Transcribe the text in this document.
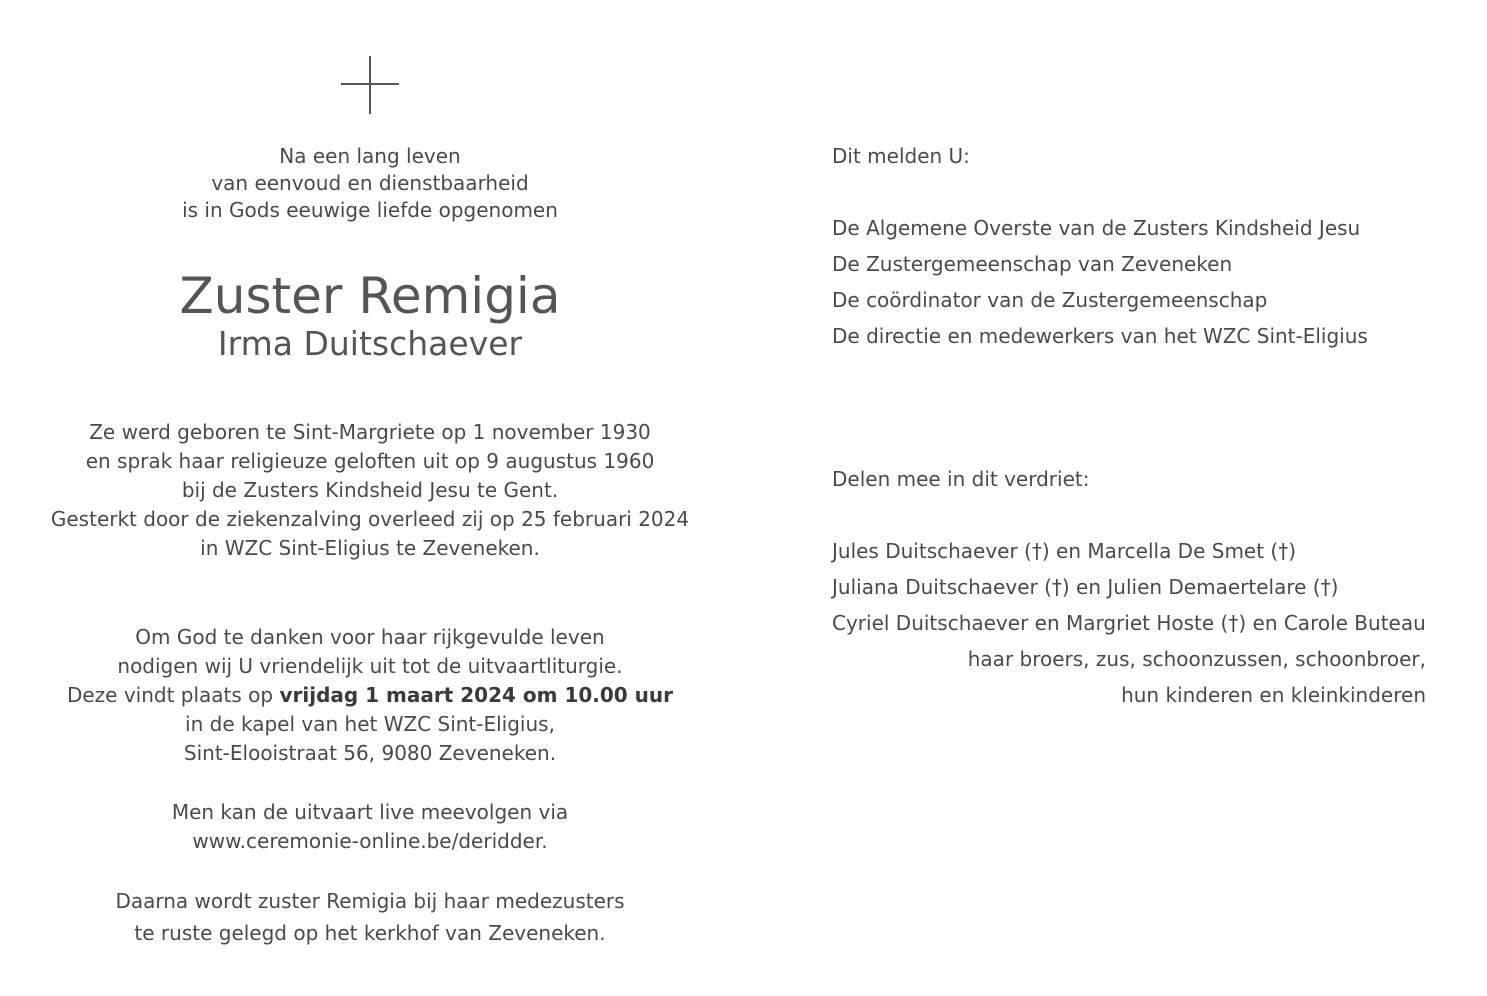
Na een lang leven
van eenvoud en dienstbaarheid
is in Gods eeuwige liefde opgenomen
Zuster Remigia
Irma Duitschaever
Ze werd geboren te Sint-Margriete op 1 november 1930
en sprak haar religieuze geloften uit op 9 augustus 1960
bij de Zusters Kindsheid Jesu te Gent.
Gesterkt door de ziekenzalving overleed zij op 25 februari 2024
in WZC Sint-Eligius te Zeveneken.
Om God te danken voor haar rijkgevulde leven
nodigen wij U vriendelijk uit tot de uitvaartliturgie.
Deze vindt plaats op vrijdag 1 maart 2024 om 10.00 uur
in de kapel van het WZC Sint-Eligius,
Sint-Elooistraat 56, 9080 Zeveneken.
Men kan de uitvaart live meevolgen via
www.ceremonie-online.be/deridder.
Daarna wordt zuster Remigia bij haar medezusters
te ruste gelegd op het kerkhof van Zeveneken.
Dit melden U:
De Algemene Overste van de Zusters Kindsheid Jesu
De Zustergemeenschap van Zeveneken
De coördinator van de Zustergemeenschap
De directie en medewerkers van het WZC Sint-Eligius
Delen mee in dit verdriet:
Jules Duitschaever (†) en Marcella De Smet (†)
Juliana Duitschaever (†) en Julien Demaertelare (†)
Cyriel Duitschaever en Margriet Hoste (†) en Carole Buteau
haar broers, zus, schoonzussen, schoonbroer,
hun kinderen en kleinkinderen
